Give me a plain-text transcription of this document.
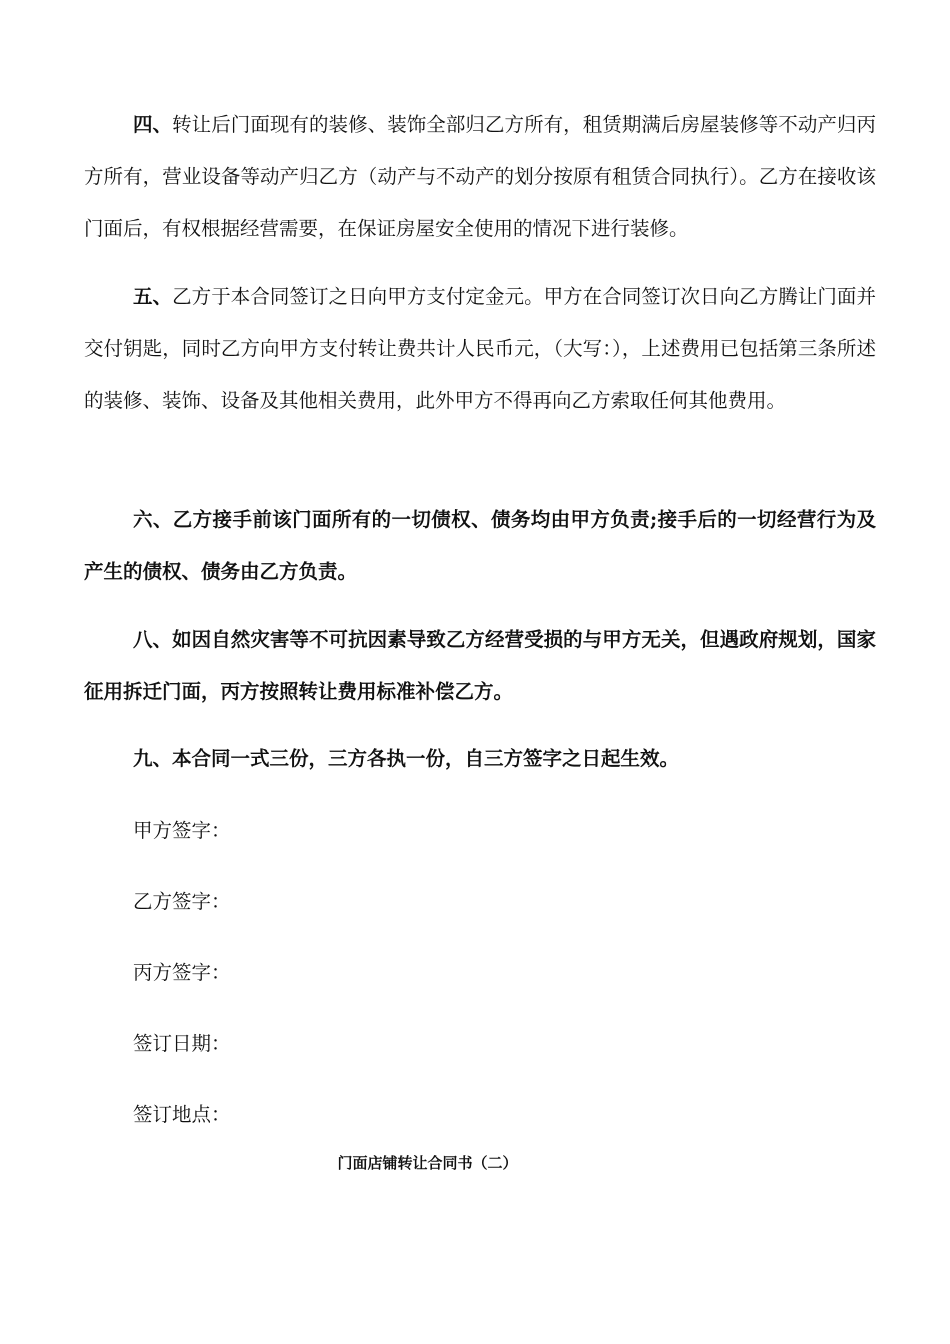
四、转让后门面现有的装修、装饰全部归乙方所有，租赁期满后房屋装修等不动产归丙方所有，营业设备等动产归乙方（动产与不动产的划分按原有租赁合同执行）。乙方在接收该门面后，有权根据经营需要，在保证房屋安全使用的情况下进行装修。

五、乙方于本合同签订之日向甲方支付定金元。甲方在合同签订次日向乙方腾让门面并交付钥匙，同时乙方向甲方支付转让费共计人民币元，（大写：），上述费用已包括第三条所述的装修、装饰、设备及其他相关费用，此外甲方不得再向乙方索取任何其他费用。

六、乙方接手前该门面所有的一切债权、债务均由甲方负责;接手后的一切经营行为及产生的债权、债务由乙方负责。

八、如因自然灾害等不可抗因素导致乙方经营受损的与甲方无关，但遇政府规划，国家征用拆迁门面，丙方按照转让费用标准补偿乙方。

九、本合同一式三份，三方各执一份，自三方签字之日起生效。

甲方签字：

乙方签字：

丙方签字：

签订日期：

签订地点：

门面店铺转让合同书（二）
